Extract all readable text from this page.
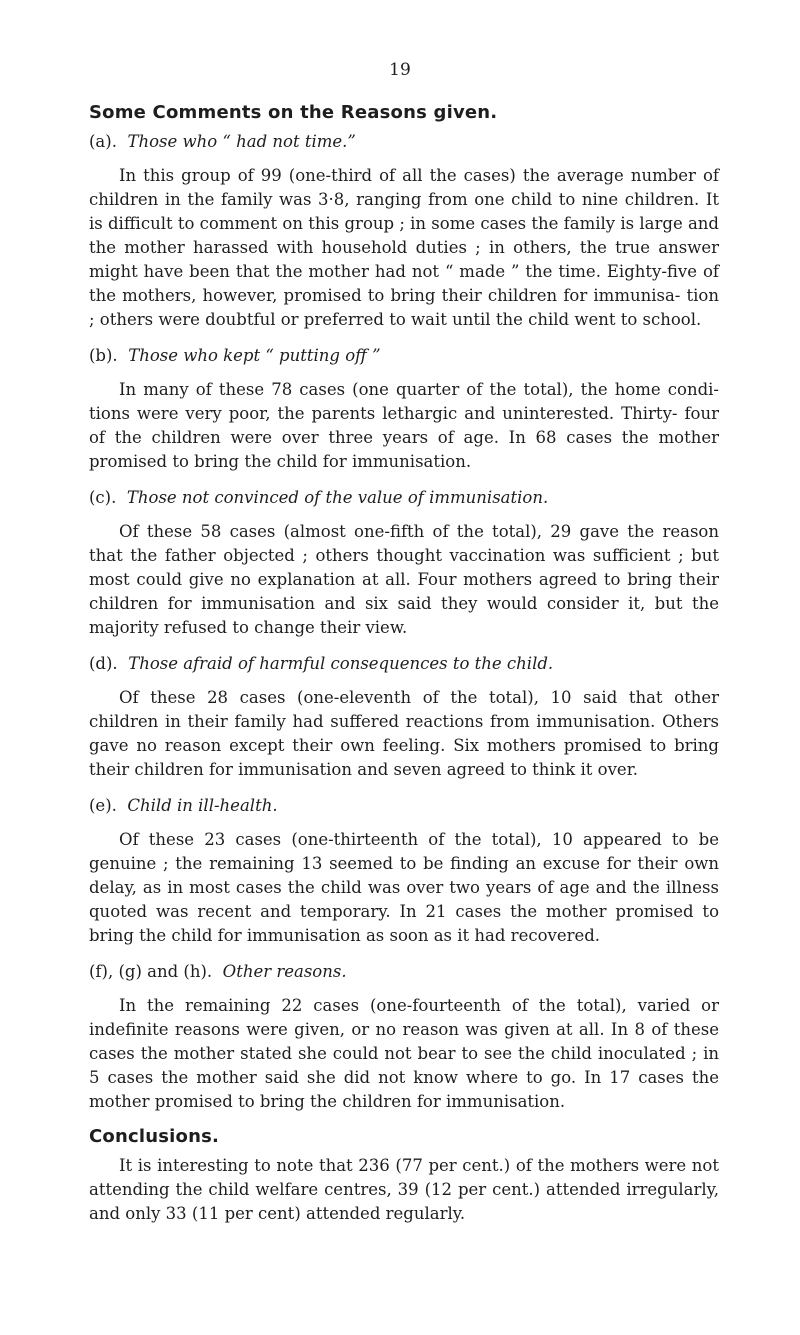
19
Some Comments on the Reasons given.

(a). Those who “ had not time.”

In this group of 99 (one-third of all the cases) the average number of children in the family was 3·8, ranging from one child to nine children. It is difficult to comment on this group ; in some cases the family is large and the mother harassed with household duties ; in others, the true answer might have been that the mother had not “ made ” the time. Eighty-five of the mothers, however, promised to bring their children for immunisa- tion ; others were doubtful or preferred to wait until the child went to school.

(b). Those who kept “ putting off ”

In many of these 78 cases (one quarter of the total), the home condi- tions were very poor, the parents lethargic and uninterested. Thirty- four of the children were over three years of age. In 68 cases the mother promised to bring the child for immunisation.

(c). Those not convinced of the value of immunisation.

Of these 58 cases (almost one-fifth of the total), 29 gave the reason that the father objected ; others thought vaccination was sufficient ; but most could give no explanation at all. Four mothers agreed to bring their children for immunisation and six said they would consider it, but the majority refused to change their view.

(d). Those afraid of harmful consequences to the child.

Of these 28 cases (one-eleventh of the total), 10 said that other children in their family had suffered reactions from immunisation. Others gave no reason except their own feeling. Six mothers promised to bring their children for immunisation and seven agreed to think it over.

(e). Child in ill-health.

Of these 23 cases (one-thirteenth of the total), 10 appeared to be genuine ; the remaining 13 seemed to be finding an excuse for their own delay, as in most cases the child was over two years of age and the illness quoted was recent and temporary. In 21 cases the mother promised to bring the child for immunisation as soon as it had recovered.

(f), (g) and (h). Other reasons.

In the remaining 22 cases (one-fourteenth of the total), varied or indefinite reasons were given, or no reason was given at all. In 8 of these cases the mother stated she could not bear to see the child inoculated ; in 5 cases the mother said she did not know where to go. In 17 cases the mother promised to bring the children for immunisation.

Conclusions.

It is interesting to note that 236 (77 per cent.) of the mothers were not attending the child welfare centres, 39 (12 per cent.) attended irregularly, and only 33 (11 per cent) attended regularly.
